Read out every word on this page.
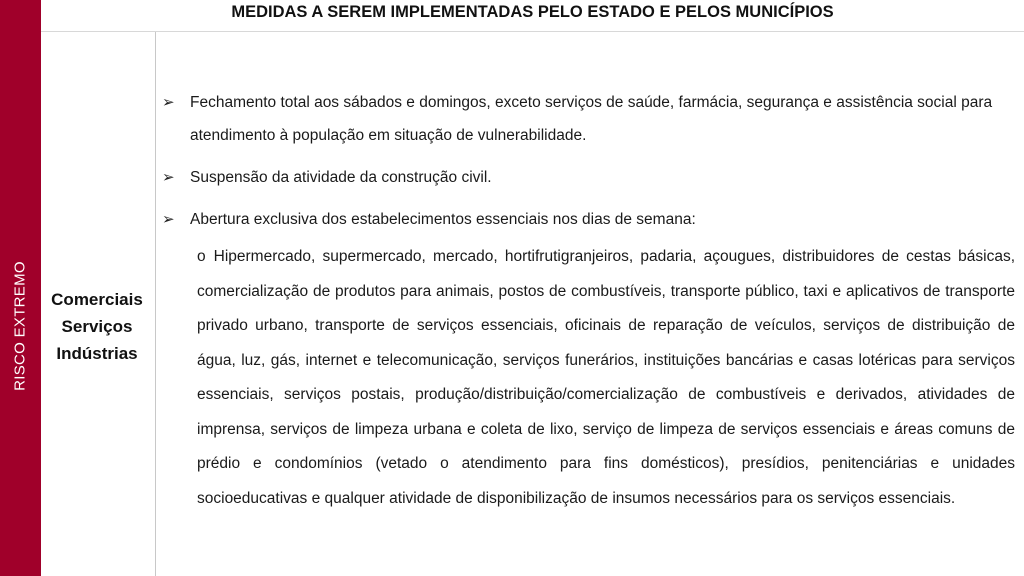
RISCO EXTREMO
MEDIDAS A SEREM IMPLEMENTADAS PELO ESTADO E PELOS MUNICÍPIOS
Comerciais
Serviços
Indústrias
➢ Fechamento total aos sábados e domingos, exceto serviços de saúde, farmácia, segurança e assistência social para atendimento à população em situação de vulnerabilidade.
➢ Suspensão da atividade da construção civil.
➢ Abertura exclusiva dos estabelecimentos essenciais nos dias de semana:
o Hipermercado, supermercado, mercado, hortifrutigranjeiros, padaria, açougues, distribuidores de cestas básicas, comercialização de produtos para animais, postos de combustíveis, transporte público, taxi e aplicativos de transporte privado urbano, transporte de serviços essenciais, oficinais de reparação de veículos, serviços de distribuição de água, luz, gás, internet e telecomunicação, serviços funerários, instituições bancárias e casas lotéricas para serviços essenciais, serviços postais, produção/distribuição/comercialização de combustíveis e derivados, atividades de imprensa, serviços de limpeza urbana e coleta de lixo, serviço de limpeza de serviços essenciais e áreas comuns de prédio e condomínios (vetado o atendimento para fins domésticos), presídios, penitenciárias e unidades socioeducativas e qualquer atividade de disponibilização de insumos necessários para os serviços essenciais.
